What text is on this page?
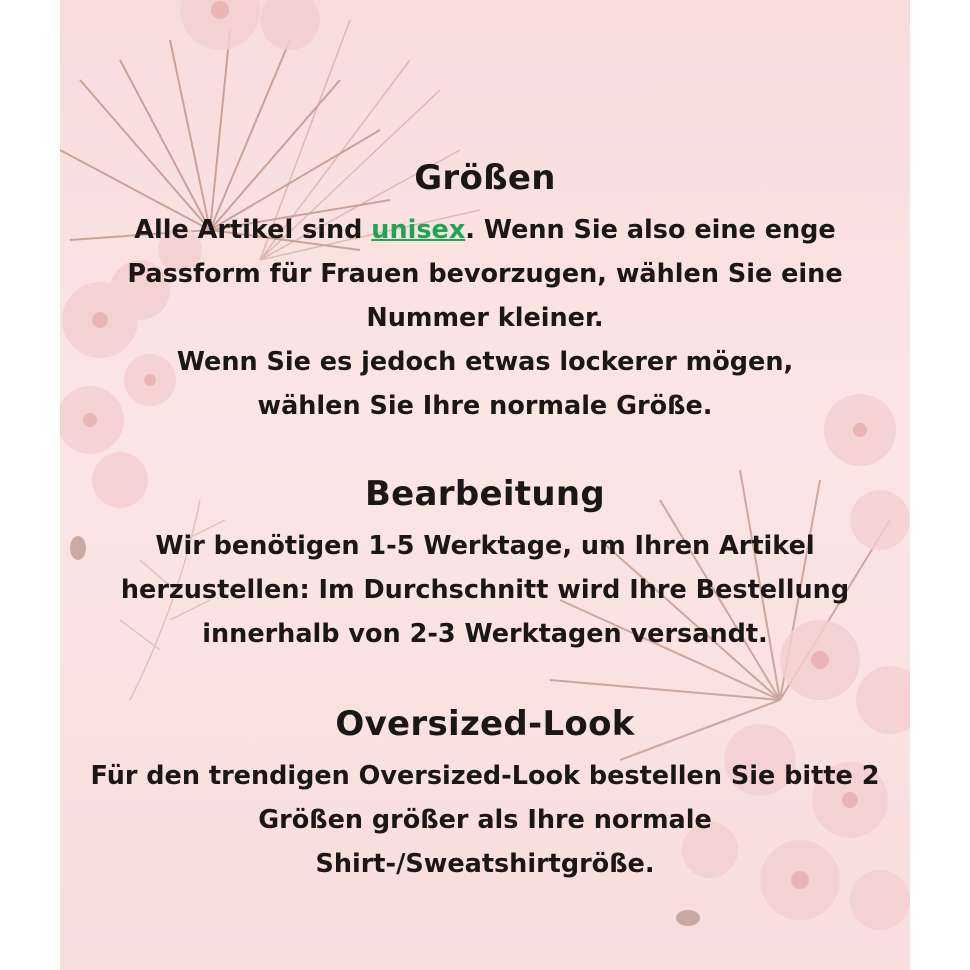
Größen
Alle Artikel sind unisex. Wenn Sie also eine enge
Passform für Frauen bevorzugen, wählen Sie eine
Nummer kleiner.
Wenn Sie es jedoch etwas lockerer mögen,
wählen Sie Ihre normale Größe.
Bearbeitung
Wir benötigen 1-5 Werktage, um Ihren Artikel
herzustellen: Im Durchschnitt wird Ihre Bestellung
innerhalb von 2-3 Werktagen versandt.
Oversized-Look
Für den trendigen Oversized-Look bestellen Sie bitte 2
Größen größer als Ihre normale
Shirt-/Sweatshirtgröße.
